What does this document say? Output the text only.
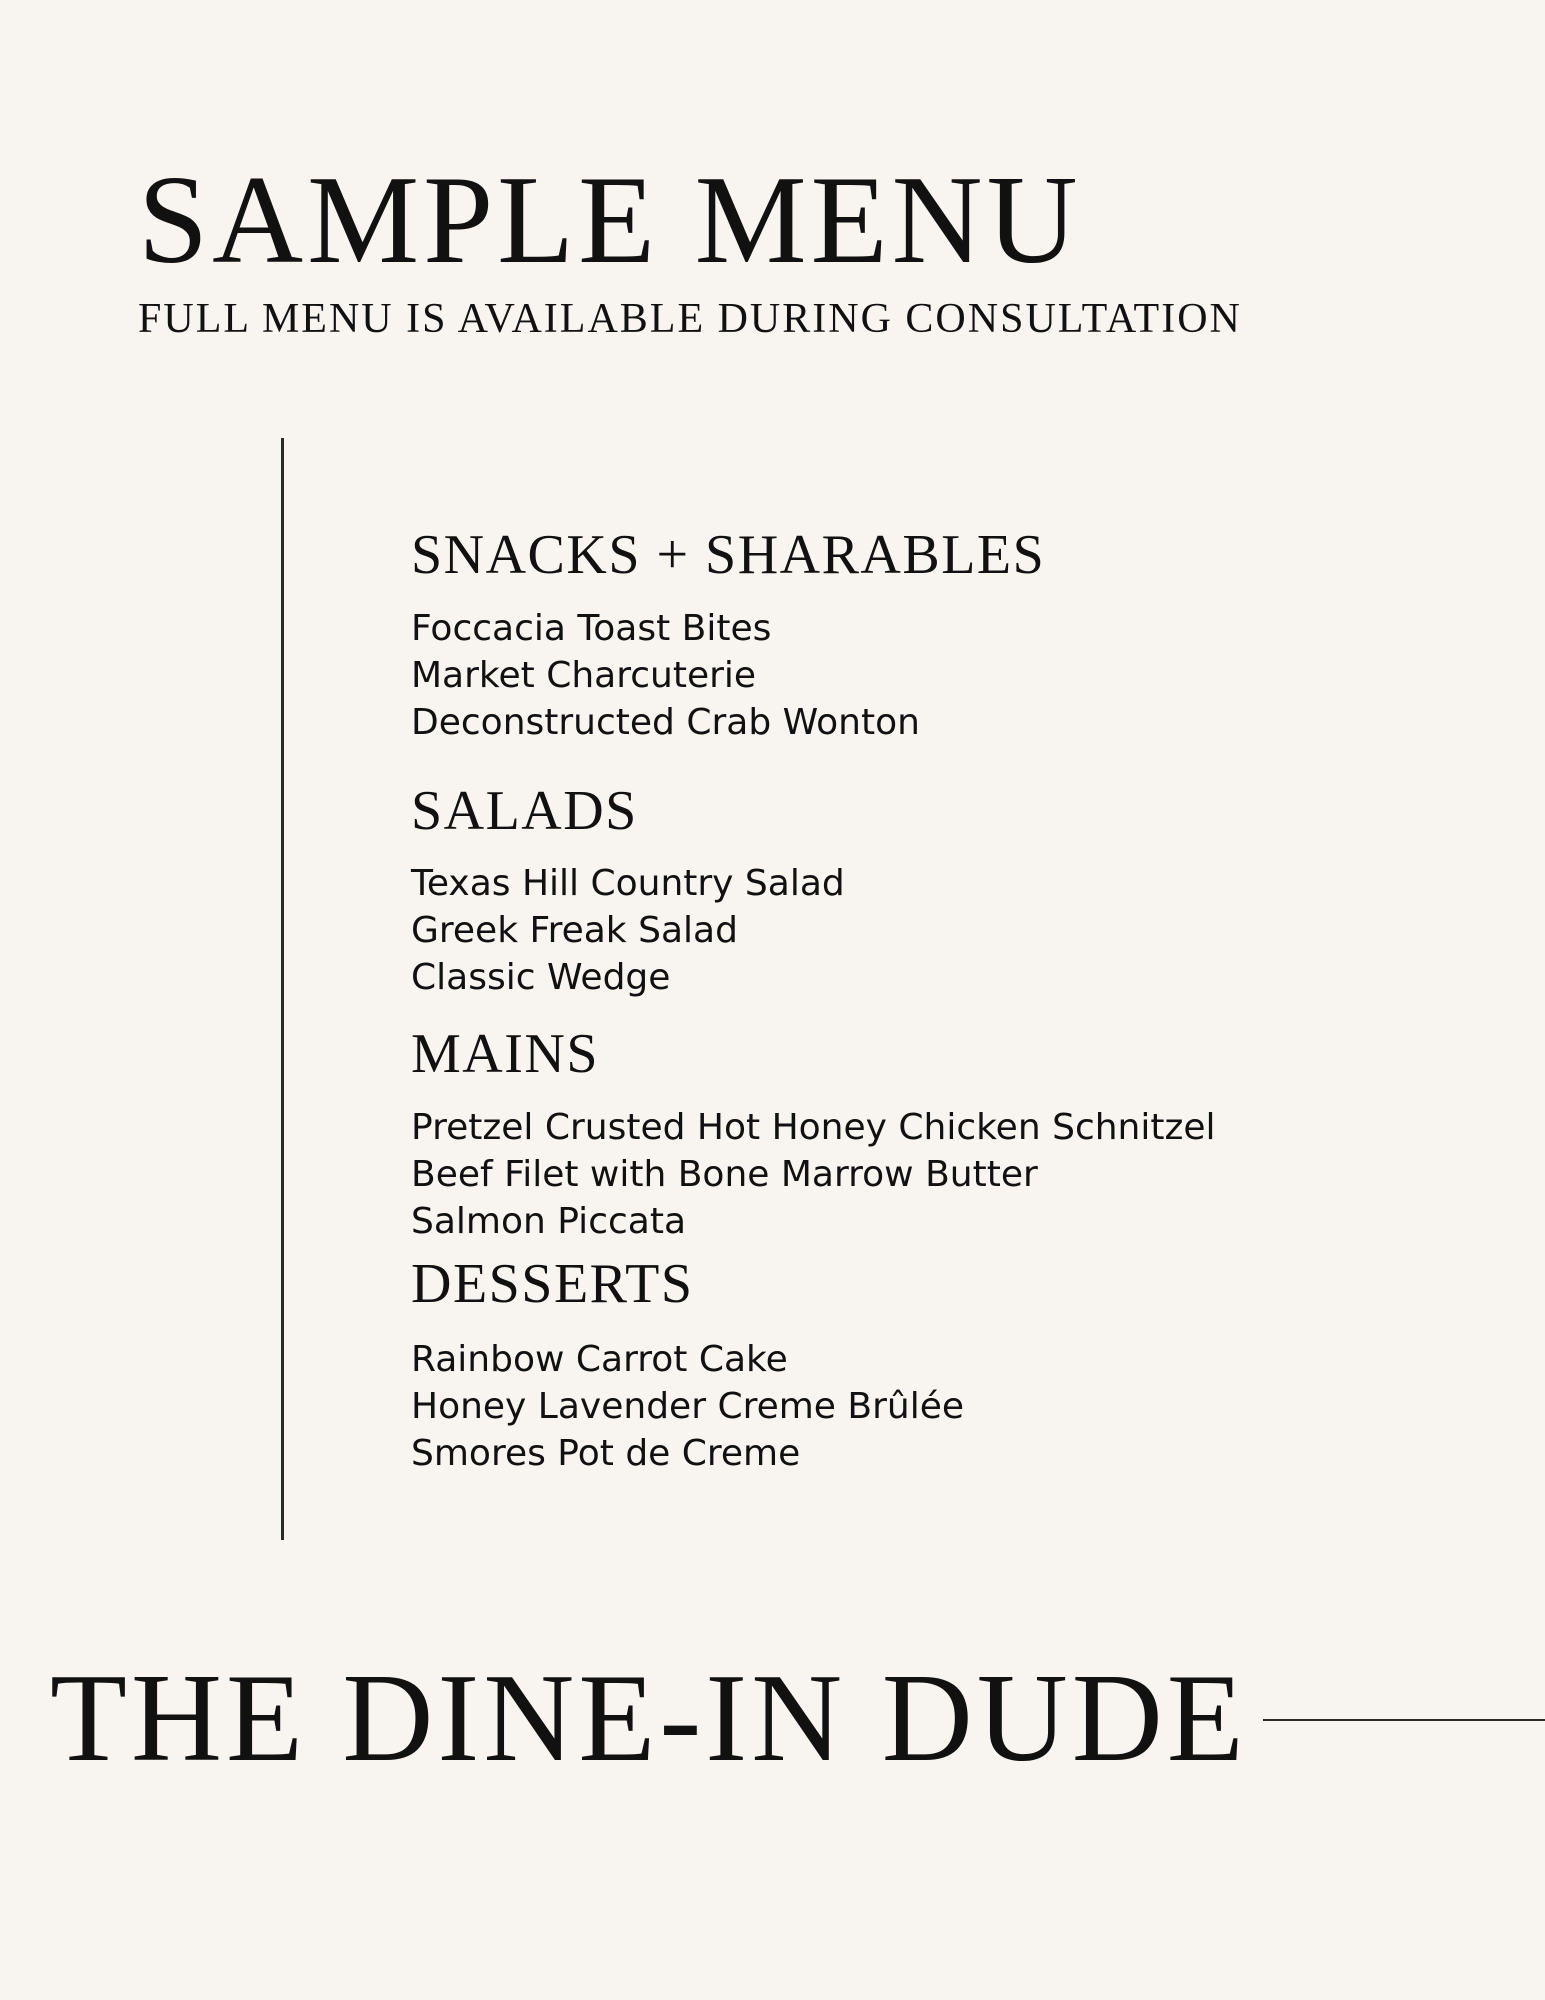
SAMPLE MENU

FULL MENU IS AVAILABLE DURING CONSULTATION

SNACKS + SHARABLES
Foccacia Toast Bites
Market Charcuterie
Deconstructed Crab Wonton
SALADS
Texas Hill Country Salad
Greek Freak Salad
Classic Wedge
MAINS
Pretzel Crusted Hot Honey Chicken Schnitzel
Beef Filet with Bone Marrow Butter
Salmon Piccata
DESSERTS
Rainbow Carrot Cake
Honey Lavender Creme Brûlée
Smores Pot de Creme
THE DINE-IN DUDE
